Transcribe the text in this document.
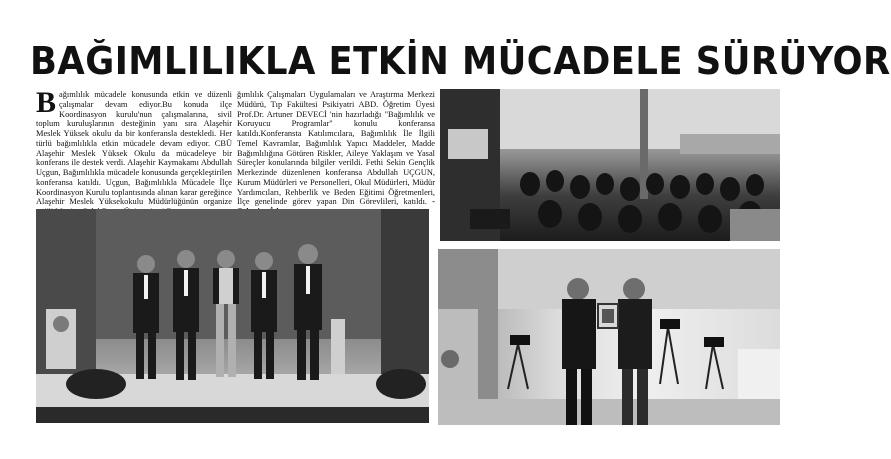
BAĞIMLILIKLA ETKİN MÜCADELE SÜRÜYOR
Bağımlılık mücadele konusunda etkin ve düzenli çalışmalar devam ediyor.Bu konuda ilçe Koordinasyon kurulu'nun çalışmalarına, sivil toplum kuruluşlarının desteğinin yanı sıra Alaşehir Meslek Yüksek okulu da bir konferansla destekledi. Her türlü bağımlılıkla etkin mücadele devam ediyor. CBÜ Alaşehir Meslek Yüksek Okulu da mücadeleye bir konferans ile destek verdi. Alaşehir Kaymakamı Abdullah Uçgun, Bağımlılıkla mücadele konusunda gerçekleştirilen konferansa katıldı. Uçgun, Bağımlılıkla Mücadele İlçe Koordinasyon Kurulu toplantısında alınan karar gereğince Alaşehir Meslek Yüksekokulu Müdürlüğünün organize
ğımlılık Çalışmaları Uygulamaları ve Araştırma Merkezi Müdürü, Tıp Fakültesi Psikiyatri ABD. Öğretim Üyesi Prof.Dr. Artuner DEVECİ 'nin hazırladığı "Bağımlılık ve Koruyucu Programlar" konulu konferansa katıldı.Konferansta Katılımcılara, Bağımlılık İle İlgili Temel Kavramlar, Bağımlılık Yapıcı Maddeler, Madde Bağımlılığına Götüren Riskler, Aileye Yaklaşım ve Yasal Süreçler konularında bilgiler verildi. Fethi Sekin Gençlik Merkezinde düzenlenen konferansa Abdullah UÇGUN, Kurum Müdürleri ve Personelleri, Okul Müdürleri, Müdür Yardımcıları, Rehberlik ve Beden Eğitimi Öğretmenleri, İlçe genelinde görev yapan Din Görevlileri, katıldı. -
